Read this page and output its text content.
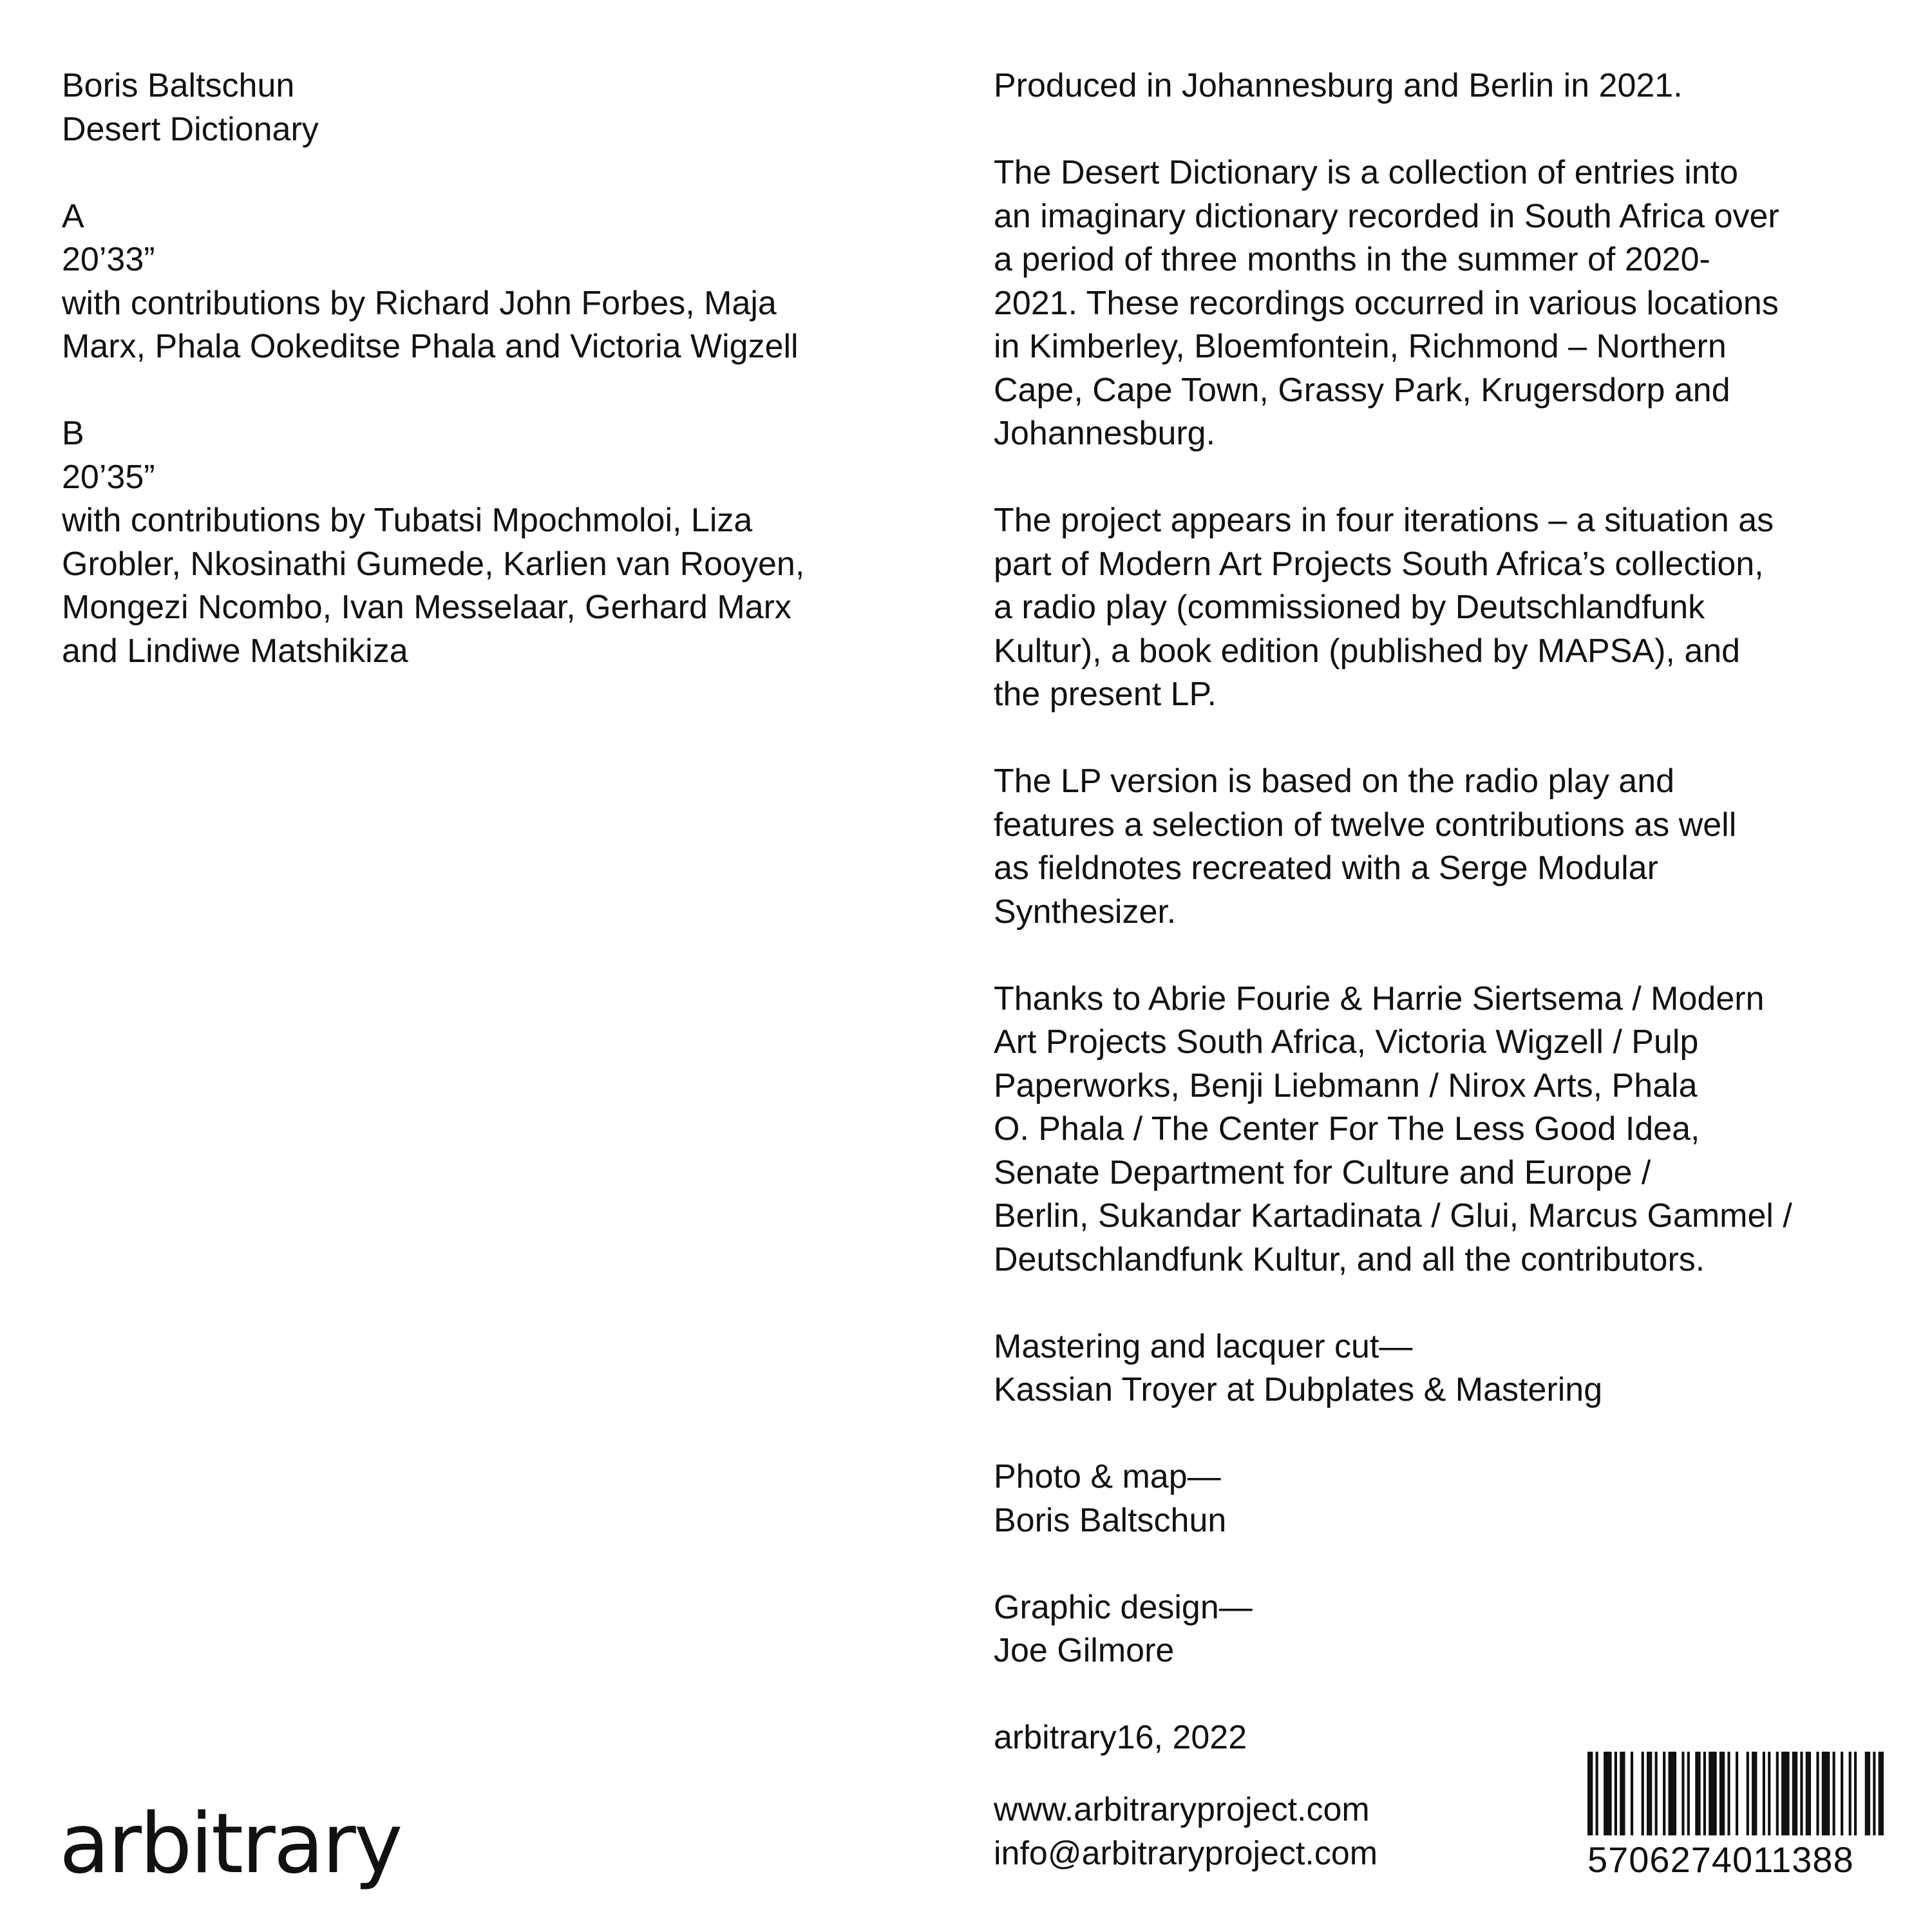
Boris Baltschun
Desert Dictionary
A
20’33”
with contributions by Richard John Forbes, Maja
Marx, Phala Ookeditse Phala and Victoria Wigzell
B
20’35”
with contributions by Tubatsi Mpochmoloi, Liza
Grobler, Nkosinathi Gumede, Karlien van Rooyen,
Mongezi Ncombo, Ivan Messelaar, Gerhard Marx
and Lindiwe Matshikiza
Produced in Johannesburg and Berlin in 2021.
The Desert Dictionary is a collection of entries into
an imaginary dictionary recorded in South Africa over
a period of three months in the summer of 2020-
2021. These recordings occurred in various locations
in Kimberley, Bloemfontein, Richmond – Northern
Cape, Cape Town, Grassy Park, Krugersdorp and
Johannesburg.
The project appears in four iterations – a situation as
part of Modern Art Projects South Africa’s collection,
a radio play (commissioned by Deutschlandfunk
Kultur), a book edition (published by MAPSA), and
the present LP.
The LP version is based on the radio play and
features a selection of twelve contributions as well
as fieldnotes recreated with a Serge Modular
Synthesizer.
Thanks to Abrie Fourie & Harrie Siertsema / Modern
Art Projects South Africa, Victoria Wigzell / Pulp
Paperworks, Benji Liebmann / Nirox Arts, Phala
O. Phala / The Center For The Less Good Idea,
Senate Department for Culture and Europe /
Berlin, Sukandar Kartadinata / Glui, Marcus Gammel /
Deutschlandfunk Kultur, and all the contributors.
Mastering and lacquer cut—
Kassian Troyer at Dubplates & Mastering
Photo & map—
Boris Baltschun
Graphic design—
Joe Gilmore
arbitrary16, 2022
www.arbitraryproject.com
info@arbitraryproject.com
arbitrary	5706274011388
